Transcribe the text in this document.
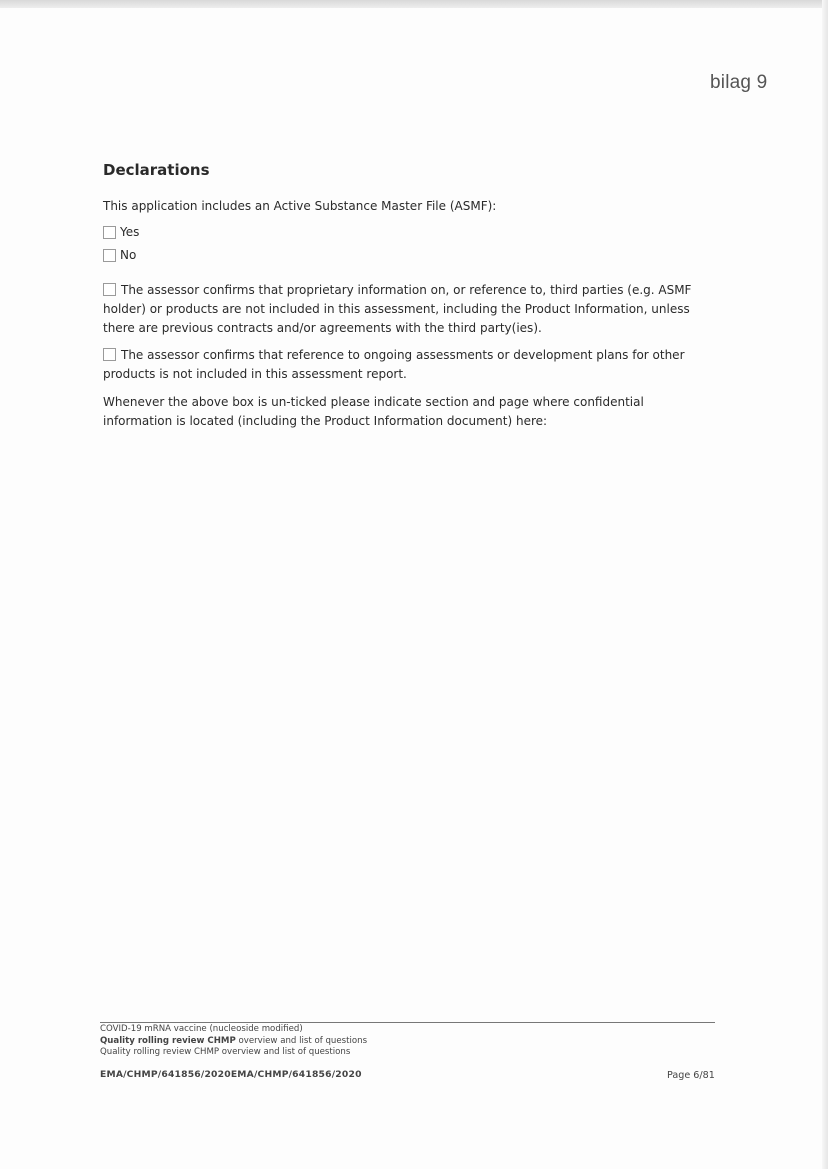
bilag 9
Declarations
This application includes an Active Substance Master File (ASMF):
Yes
No
The assessor confirms that proprietary information on, or reference to, third parties (e.g. ASMF holder) or products are not included in this assessment, including the Product Information, unless there are previous contracts and/or agreements with the third party(ies).
The assessor confirms that reference to ongoing assessments or development plans for other products is not included in this assessment report.
Whenever the above box is un-ticked please indicate section and page where confidential information is located (including the Product Information document) here:
COVID-19 mRNA vaccine (nucleoside modified)
Quality rolling review CHMP overview and list of questions
Quality rolling review CHMP overview and list of questions
EMA/CHMP/641856/2020EMA/CHMP/641856/2020	Page 6/81
